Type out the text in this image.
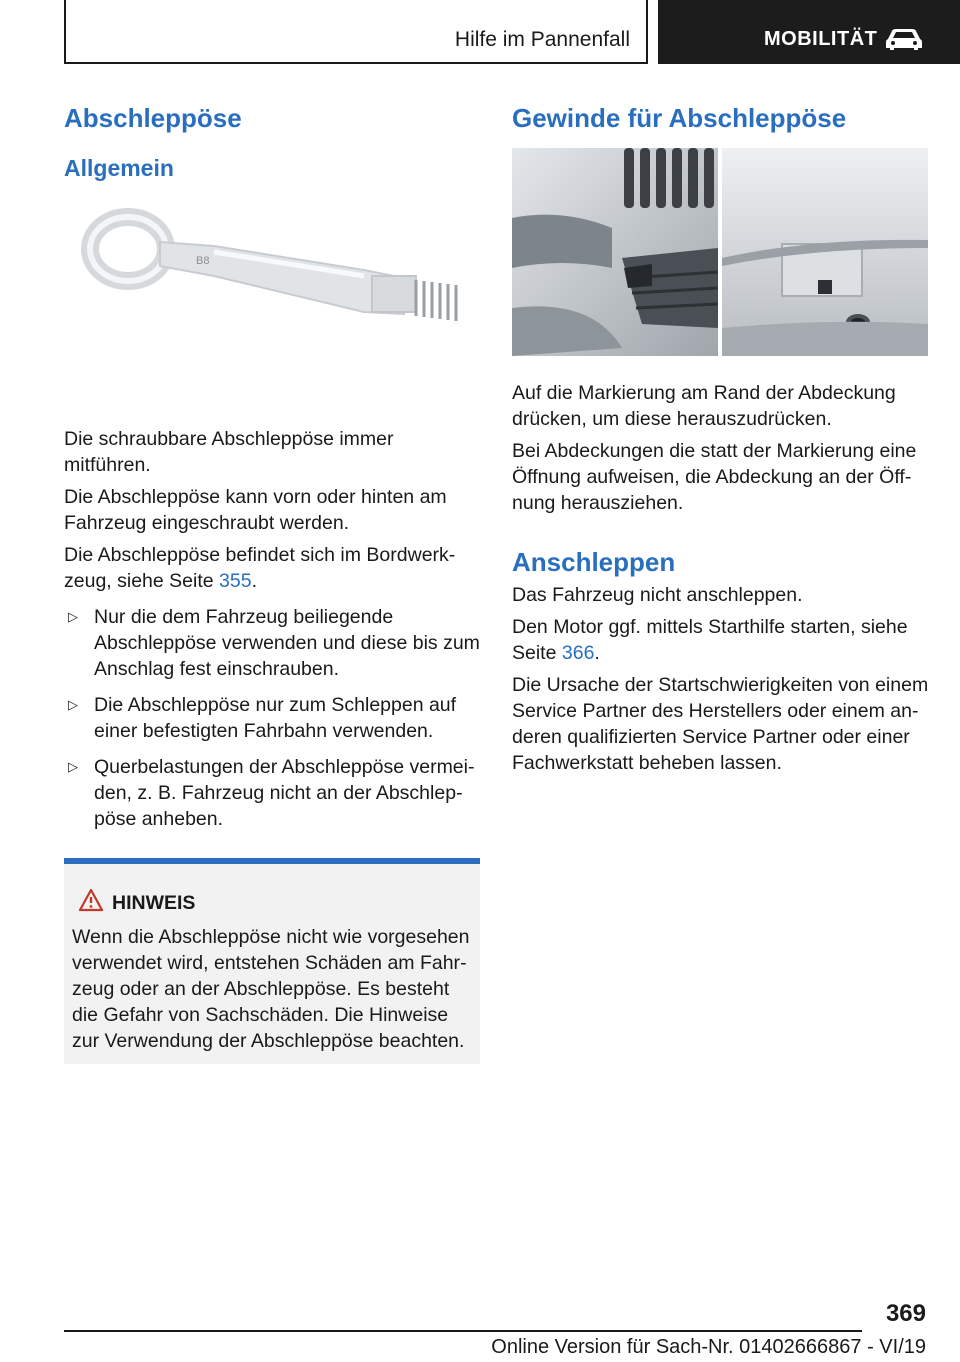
Hilfe im Pannenfall	MOBILITÄT
Abschleppöse
Allgemein
B8
Die schraubbare Abschleppöse immer mitführen.
Die Abschleppöse kann vorn oder hinten am Fahrzeug eingeschraubt werden.
Die Abschleppöse befindet sich im Bordwerkzeug, siehe Seite 355.
▷ Nur die dem Fahrzeug beiliegende Abschleppöse verwenden und diese bis zum Anschlag fest einschrauben.
▷ Die Abschleppöse nur zum Schleppen auf einer befestigten Fahrbahn verwenden.
▷ Querbelastungen der Abschleppöse vermeiden, z. B. Fahrzeug nicht an der Abschleppöse anheben.
HINWEIS
Wenn die Abschleppöse nicht wie vorgesehen verwendet wird, entstehen Schäden am Fahrzeug oder an der Abschleppöse. Es besteht die Gefahr von Sachschäden. Die Hinweise zur Verwendung der Abschleppöse beachten.
Gewinde für Abschleppöse
Auf die Markierung am Rand der Abdeckung drücken, um diese herauszudrücken.
Bei Abdeckungen die statt der Markierung eine Öffnung aufweisen, die Abdeckung an der Öffnung herausziehen.
Anschleppen
Das Fahrzeug nicht anschleppen.
Den Motor ggf. mittels Starthilfe starten, siehe Seite 366.
Die Ursache der Startschwierigkeiten von einem Service Partner des Herstellers oder einem anderen qualifizierten Service Partner oder einer Fachwerkstatt beheben lassen.
369
Online Version für Sach-Nr. 01402666867 - VI/19
